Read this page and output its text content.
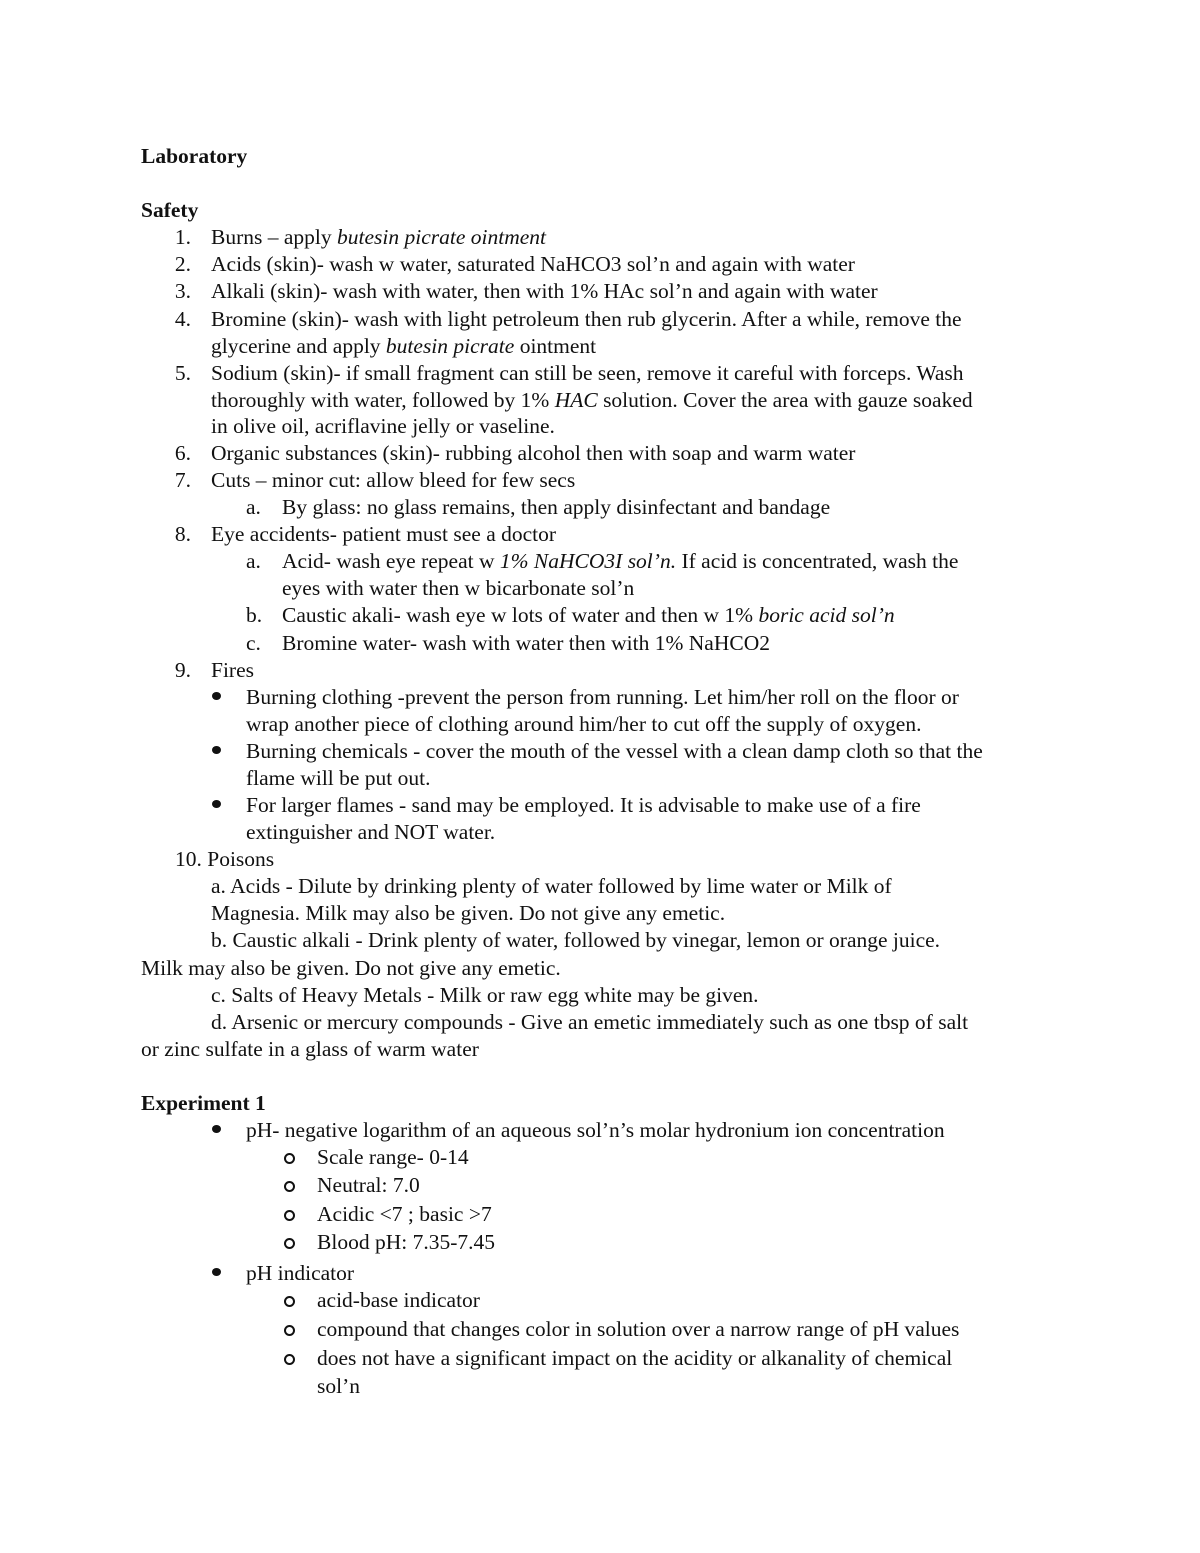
Laboratory
Safety
1. Burns – apply butesin picrate ointment
2. Acids (skin)- wash w water, saturated NaHCO3 sol’n and again with water
3. Alkali (skin)- wash with water, then with 1% HAc sol’n and again with water
4. Bromine (skin)- wash with light petroleum then rub glycerin. After a while, remove the
glycerine and apply butesin picrate ointment
5. Sodium (skin)- if small fragment can still be seen, remove it careful with forceps. Wash
thoroughly with water, followed by 1% HAC solution. Cover the area with gauze soaked
in olive oil, acriflavine jelly or vaseline.
6. Organic substances (skin)- rubbing alcohol then with soap and warm water
7. Cuts – minor cut: allow bleed for few secs
a. By glass: no glass remains, then apply disinfectant and bandage
8. Eye accidents- patient must see a doctor
a. Acid- wash eye repeat w 1% NaHCO3I sol’n. If acid is concentrated, wash the
eyes with water then w bicarbonate sol’n
b. Caustic akali- wash eye w lots of water and then w 1% boric acid sol’n
c. Bromine water- wash with water then with 1% NaHCO2
9. Fires
Burning clothing -prevent the person from running. Let him/her roll on the floor or
wrap another piece of clothing around him/her to cut off the supply of oxygen.
Burning chemicals - cover the mouth of the vessel with a clean damp cloth so that the
flame will be put out.
For larger flames - sand may be employed. It is advisable to make use of a fire
extinguisher and NOT water.
10. Poisons
a. Acids - Dilute by drinking plenty of water followed by lime water or Milk of
Magnesia. Milk may also be given. Do not give any emetic.
b. Caustic alkali - Drink plenty of water, followed by vinegar, lemon or orange juice.
Milk may also be given. Do not give any emetic.
c. Salts of Heavy Metals - Milk or raw egg white may be given.
d. Arsenic or mercury compounds - Give an emetic immediately such as one tbsp of salt
or zinc sulfate in a glass of warm water
Experiment 1
pH- negative logarithm of an aqueous sol’n’s molar hydronium ion concentration
Scale range- 0-14
Neutral: 7.0
Acidic <7 ; basic >7
Blood pH: 7.35-7.45
pH indicator
acid-base indicator
compound that changes color in solution over a narrow range of pH values
does not have a significant impact on the acidity or alkanality of chemical
sol’n
